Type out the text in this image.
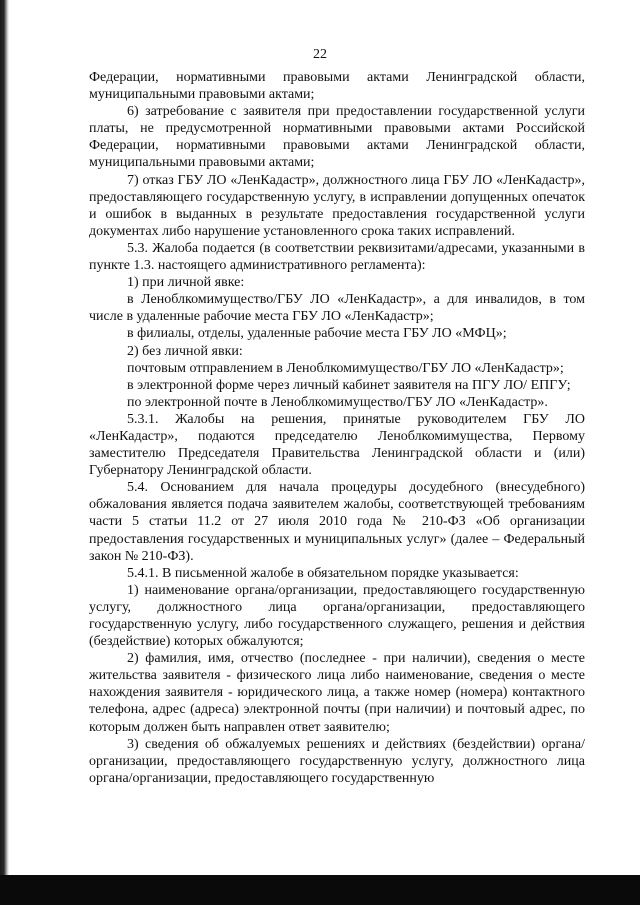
22

Федерации, нормативными правовыми актами Ленинградской области, муниципальными правовыми актами;

6) затребование с заявителя при предоставлении государственной услуги платы, не предусмотренной нормативными правовыми актами Российской Федерации, нормативными правовыми актами Ленинградской области, муниципальными правовыми актами;

7) отказ ГБУ ЛО «ЛенКадастр», должностного лица ГБУ ЛО «ЛенКадастр», предоставляющего государственную услугу, в исправлении допущенных опечаток и ошибок в выданных в результате предоставления государственной услуги документах либо нарушение установленного срока таких исправлений.

5.3. Жалоба подается (в соответствии реквизитами/адресами, указанными в пункте 1.3. настоящего административного регламента):

1) при личной явке:

в Леноблкомимущество/ГБУ ЛО «ЛенКадастр», а для инвалидов, в том числе в удаленные рабочие места ГБУ ЛО «ЛенКадастр»;

в филиалы, отделы, удаленные рабочие места ГБУ ЛО «МФЦ»;

2) без личной явки:

почтовым отправлением в Леноблкомимущество/ГБУ ЛО «ЛенКадастр»;

в электронной форме через личный кабинет заявителя на ПГУ ЛО/ ЕПГУ;

по электронной почте в Леноблкомимущество/ГБУ ЛО «ЛенКадастр».

5.3.1. Жалобы на решения, принятые руководителем ГБУ ЛО «ЛенКадастр», подаются председателю Леноблкомимущества, Первому заместителю Председателя Правительства Ленинградской области и (или) Губернатору Ленинградской области.

5.4. Основанием для начала процедуры досудебного (внесудебного) обжалования является подача заявителем жалобы, соответствующей требованиям части 5 статьи 11.2 от 27 июля 2010 года № 210-ФЗ «Об организации предоставления государственных и муниципальных услуг» (далее – Федеральный закон № 210-ФЗ).

5.4.1. В письменной жалобе в обязательном порядке указывается:

1) наименование органа/организации, предоставляющего государственную услугу, должностного лица органа/организации, предоставляющего государственную услугу, либо государственного служащего, решения и действия (бездействие) которых обжалуются;

2) фамилия, имя, отчество (последнее - при наличии), сведения о месте жительства заявителя - физического лица либо наименование, сведения о месте нахождения заявителя - юридического лица, а также номер (номера) контактного телефона, адрес (адреса) электронной почты (при наличии) и почтовый адрес, по которым должен быть направлен ответ заявителю;

3) сведения об обжалуемых решениях и действиях (бездействии) органа/организации, предоставляющего государственную услугу, должностного лица органа/организации, предоставляющего государственную
